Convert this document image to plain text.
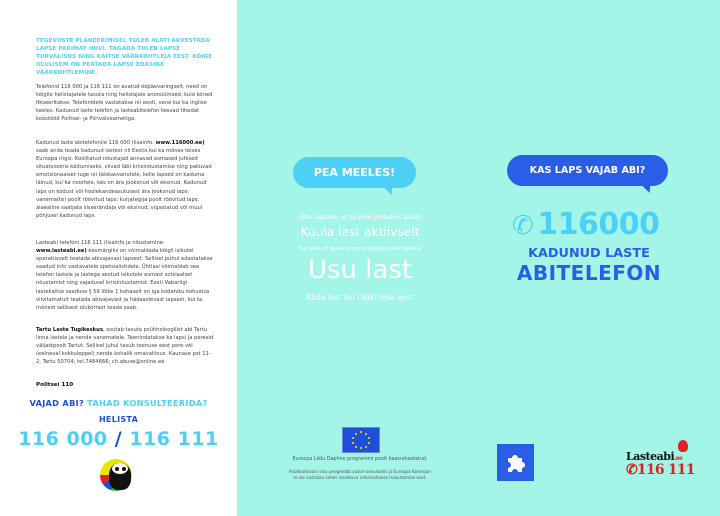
TEGEVUSTE PLANEERIMISEL TULEB ALATI ARVESTADA LAPSE PARIMAT HUVI. TAGADA TULEB LAPSE TURVALISUS NING KAITSE VÄÄRKOHTLEJA EEST. KÕIGE OLULISEM ON PEATADA LAPSE EDASINE VÄÄRKOHTLEMINE.
Telefonid 116 000 ja 116 111 on avatud ööpäevaringselt, need on kõigile helistajatele tasuta ning helistajale anonüümsed, kuid kõned fikseeritakse. Telefonidele vastatakse nii eesti, vene kui ka inglise keeles. Kadunud laste telefon ja lasteabitelefon teevad tihedat koostööd Politsei- ja Piirivalveametiga.
Kadunud laste abitelefonile 116 000 (lisainfo: www.116000.ee) saab anda teada kadunud lastest nii Eestis kui ka mõnes teises Euroopa riigis. Koolitatud nõustajad annavad esmased juhised situatsioonis käitumiseks, viivad läbi kriisinõustamise ning pakuvad emotsionaalset tuge nii täiskasvanutele, kelle lapsed on kaduma läinud, kui ka noortele, kes on ära jooksnud või eksinud. Kadunud laps on kodust või hoolekandeasutusest ära jooksnud laps; vanema(te) poolt röövitud laps; kurjategija poolt röövitud laps; alaealine saatjata sisserändaja või eksinud, vigastatud või muul põhjusel kadunud laps.
Lasteabi telefoni 116 111 (lisainfo ja nõustamine: www.lasteabi.ee) eesmärgiks on võimaldada kõigil isikutel operatiivselt teatada abivajavast lapsest. Sellisel puhul edastatakse saadud info vastavatele spetsialistidele. Ühtlasi võimaldab see telefon lastele ja lastega seotud isikutele esmast sotsiaalset nõustamist ning vajadusel kriisinõustamist. Eesti Vabariigi lastekaitse seaduse § 59 lõike 1 kohaselt on iga kodaniku kohustus viivitamatult teatada abivajavast ja hädasolevast lapsest, kui ta mõnest sellisest olukorrast teada saab.
Tartu Laste Tugikeskus, osutab tasuta psühholoogilist abi Tartu linna lastele ja nende vanematele. Teenindatakse ka lapsi ja peresid väljastpoolt Tartut. Sellisel juhul tasub teenuse eest pere või (eelneval kokkuleppel) nende kohalik omavalitsus. Kaunase pst 11-2, Tartu 50704; tel.7484666; ch.abuse@online.ee
Politsei 110
VAJAD ABI? TAHAD KONSULTEERIDA?
HELISTA
116 000 / 116 111
PEA MEELES!
Ütle lapsele, et ta pole juhtunus süüdi
Kuula last aktiivselt
Kui näed, et lapsel on mure, julgusta teda rääkima
Usu last
Kiida last loo rääkimise eest
Euroopa Liidu Daphne programmi poolt kaasrahastatud.
Publikatsiooni sisu peegeldab autori seisukohti ja Euroopa Komisjon
ei ole vastutav selles sisalduva informatsiooni kasutamise eest.
KAS LAPS VAJAB ABI?
✆ 116000
KADUNUD LASTE
ABITELEFON
Lasteabi.ee
✆116 111
